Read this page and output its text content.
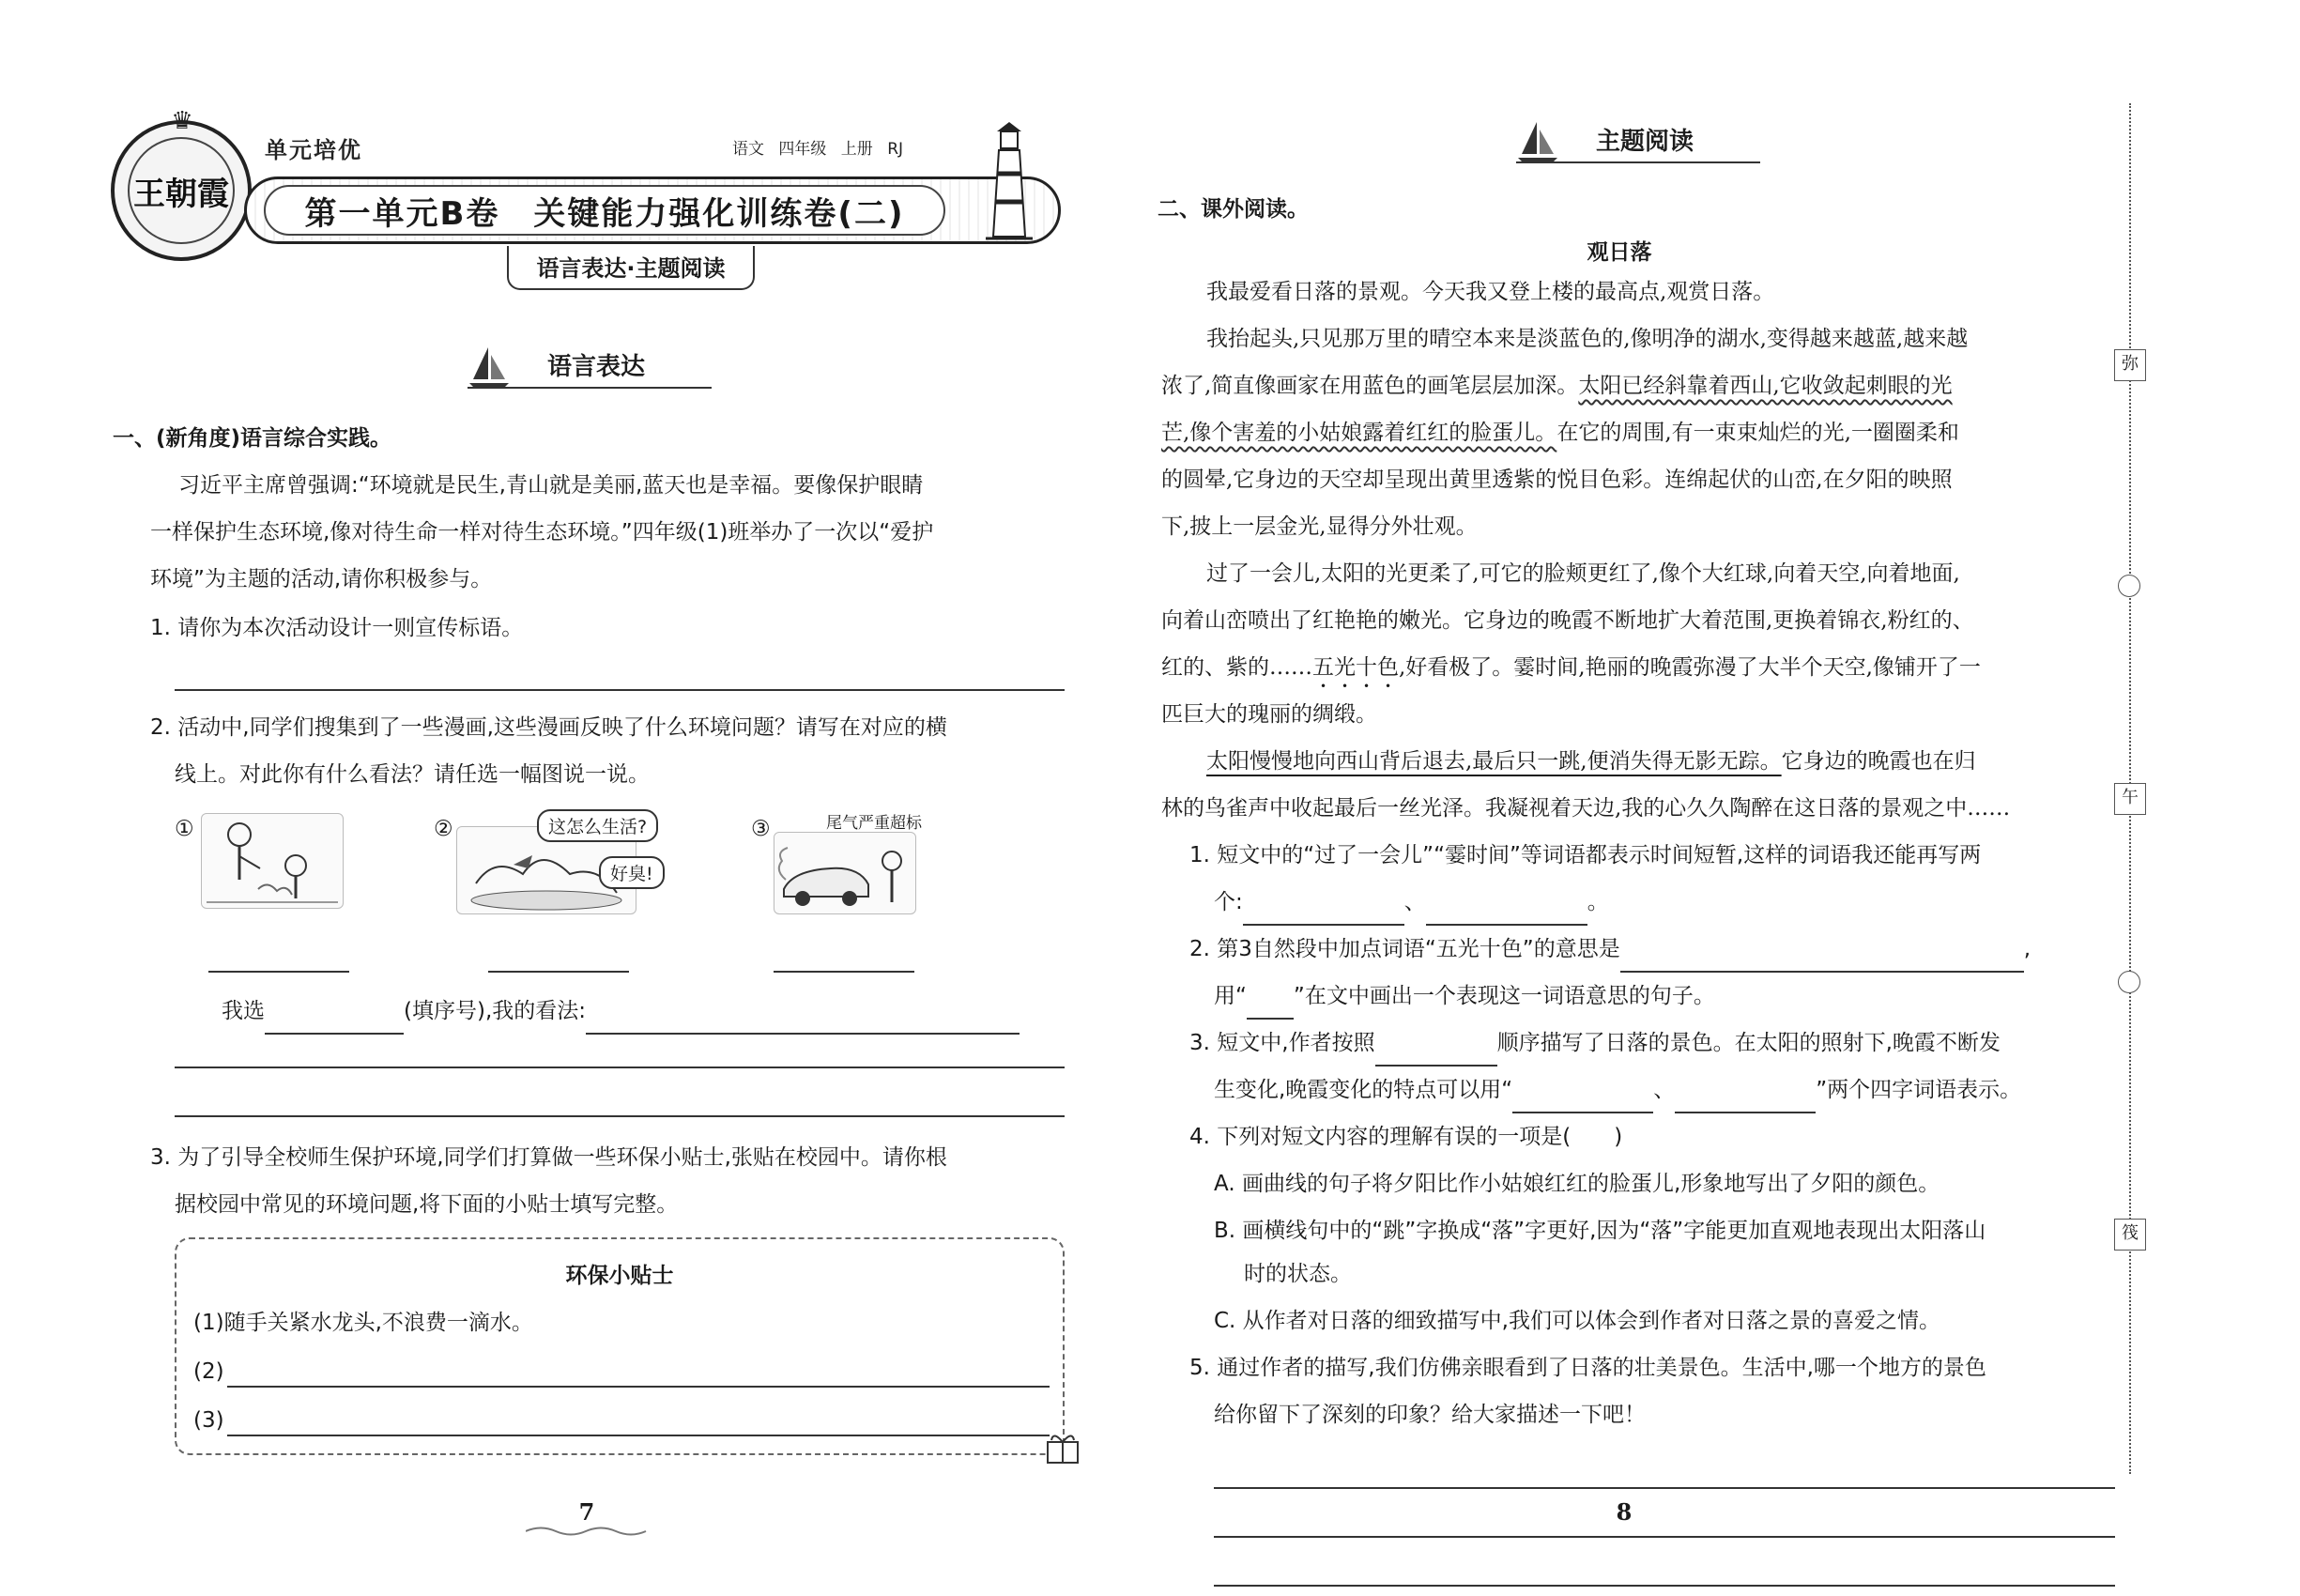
♛
王朝霞
单元培优	语文 四年级 上册 RJ
第一单元B卷　关键能力强化训练卷(二)
语言表达·主题阅读
语言表达
一、(新角度)语言综合实践。
习近平主席曾强调:“环境就是民生,青山就是美丽,蓝天也是幸福。要像保护眼睛
一样保护生态环境,像对待生命一样对待生态环境。”四年级(1)班举办了一次以“爱护
环境”为主题的活动,请你积极参与。
1. 请你为本次活动设计一则宣传标语。
2. 活动中,同学们搜集到了一些漫画,这些漫画反映了什么环境问题？请写在对应的横
线上。对此你有什么看法？请任选一幅图说一说。
①	②	这怎么生活?
好臭!
③	尾气严重超标
我选	(填序号),我的看法:
3. 为了引导全校师生保护环境,同学们打算做一些环保小贴士,张贴在校园中。请你根
据校园中常见的环境问题,将下面的小贴士填写完整。
环保小贴士
(1)随手关紧水龙头,不浪费一滴水。
(2)
(3)
7
主题阅读
二、课外阅读。
观日落
我最爱看日落的景观。今天我又登上楼的最高点,观赏日落。
我抬起头,只见那万里的晴空本来是淡蓝色的,像明净的湖水,变得越来越蓝,越来越
浓了,简直像画家在用蓝色的画笔层层加深。太阳已经斜靠着西山,它收敛起刺眼的光
芒,像个害羞的小姑娘露着红红的脸蛋儿。在它的周围,有一束束灿烂的光,一圈圈柔和
的圆晕,它身边的天空却呈现出黄里透紫的悦目色彩。连绵起伏的山峦,在夕阳的映照
下,披上一层金光,显得分外壮观。
过了一会儿,太阳的光更柔了,可它的脸颊更红了,像个大红球,向着天空,向着地面,
向着山峦喷出了红艳艳的嫩光。它身边的晚霞不断地扩大着范围,更换着锦衣,粉红的、
红的、紫的……五光十色,好看极了。霎时间,艳丽的晚霞弥漫了大半个天空,像铺开了一
匹巨大的瑰丽的绸缎。
太阳慢慢地向西山背后退去,最后只一跳,便消失得无影无踪。它身边的晚霞也在归
林的鸟雀声中收起最后一丝光泽。我凝视着天边,我的心久久陶醉在这日落的景观之中……
1. 短文中的“过了一会儿”“霎时间”等词语都表示时间短暂,这样的词语我还能再写两
个:	、	。
2. 第3自然段中加点词语“五光十色”的意思是	,
用“ ”在文中画出一个表现这一词语意思的句子。
3. 短文中,作者按照	顺序描写了日落的景色。在太阳的照射下,晚霞不断发
生变化,晚霞变化的特点可以用“	、	”两个四字词语表示。
4. 下列对短文内容的理解有误的一项是(　　)
A. 画曲线的句子将夕阳比作小姑娘红红的脸蛋儿,形象地写出了夕阳的颜色。
B. 画横线句中的“跳”字换成“落”字更好,因为“落”字能更加直观地表现出太阳落山
时的状态。
C. 从作者对日落的细致描写中,我们可以体会到作者对日落之景的喜爱之情。
5. 通过作者的描写,我们仿佛亲眼看到了日落的壮美景色。生活中,哪一个地方的景色
给你留下了深刻的印象？给大家描述一下吧！
8
弥
午
筏
